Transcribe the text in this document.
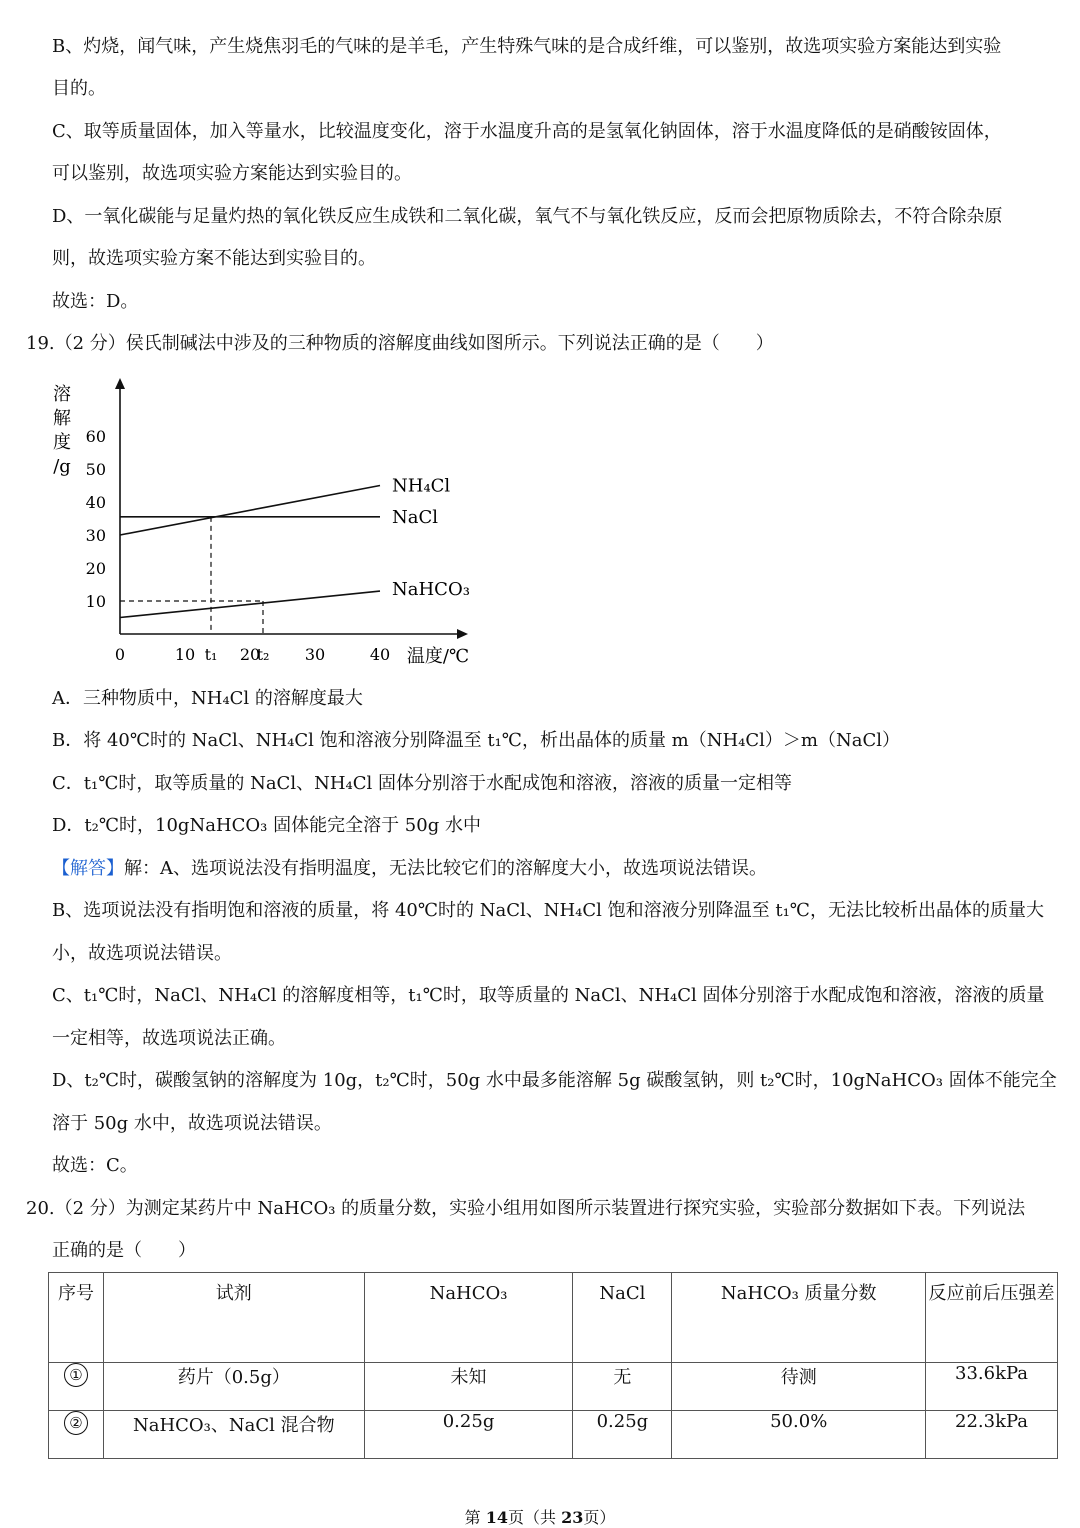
B、灼烧，闻气味，产生烧焦羽毛的气味的是羊毛，产生特殊气味的是合成纤维，可以鉴别，故选项实验方案能达到实验
目的。
C、取等质量固体，加入等量水，比较温度变化，溶于水温度升高的是氢氧化钠固体，溶于水温度降低的是硝酸铵固体，
可以鉴别，故选项实验方案能达到实验目的。
D、一氧化碳能与足量灼热的氧化铁反应生成铁和二氧化碳，氧气不与氧化铁反应，反而会把原物质除去，不符合除杂原
则，故选项实验方案不能达到实验目的。
故选：D。
19.（2 分）侯氏制碱法中涉及的三种物质的溶解度曲线如图所示。下列说法正确的是（　　）
溶
解
度
/g
10
20
30
40
50
60
0	10 t₁ 20
t₂ 30	40 温度/℃
NH₄Cl
NaCl
NaHCO₃
A．三种物质中，NH₄Cl 的溶解度最大
B．将 40℃时的 NaCl、NH₄Cl 饱和溶液分别降温至 t₁℃，析出晶体的质量 m（NH₄Cl）＞m（NaCl）
C．t₁℃时，取等质量的 NaCl、NH₄Cl 固体分别溶于水配成饱和溶液，溶液的质量一定相等
D．t₂℃时，10gNaHCO₃ 固体能完全溶于 50g 水中
【解答】解：A、选项说法没有指明温度，无法比较它们的溶解度大小，故选项说法错误。
B、选项说法没有指明饱和溶液的质量，将 40℃时的 NaCl、NH₄Cl 饱和溶液分别降温至 t₁℃，无法比较析出晶体的质量大
小，故选项说法错误。
C、t₁℃时，NaCl、NH₄Cl 的溶解度相等，t₁℃时，取等质量的 NaCl、NH₄Cl 固体分别溶于水配成饱和溶液，溶液的质量
一定相等，故选项说法正确。
D、t₂℃时，碳酸氢钠的溶解度为 10g，t₂℃时，50g 水中最多能溶解 5g 碳酸氢钠，则 t₂℃时，10gNaHCO₃ 固体不能完全
溶于 50g 水中，故选项说法错误。
故选：C。
20.（2 分）为测定某药片中 NaHCO₃ 的质量分数，实验小组用如图所示装置进行探究实验，实验部分数据如下表。下列说法
正确的是（　　）
序号	试剂	NaHCO₃	NaCl	NaHCO₃ 质量分数	反应前后压强差
①	药片（0.5g）	未知	无	待测	33.6kPa
②	NaHCO₃、NaCl 混合物	0.25g	0.25g	50.0%	22.3kPa
第 14页（共 23页）
